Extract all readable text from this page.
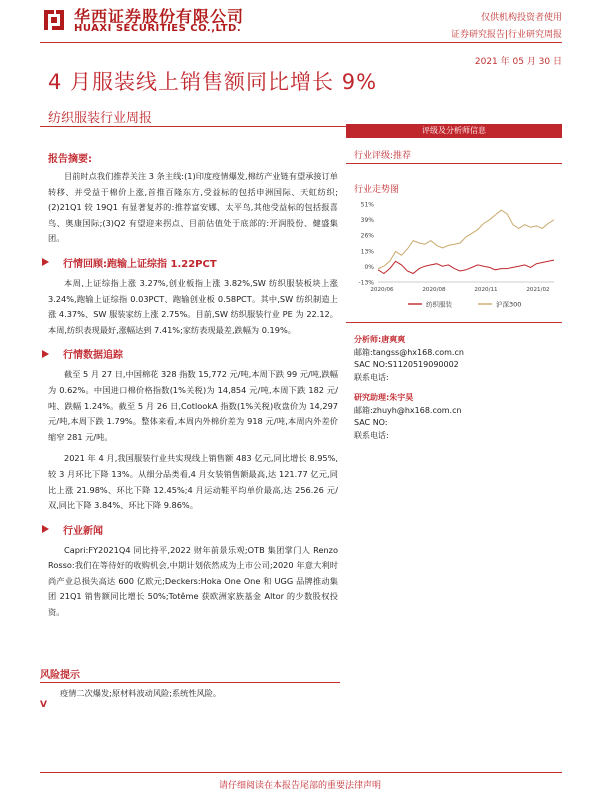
华西证券股份有限公司
HUAXI SECURITIES CO.,LTD.
仅供机构投资者使用
证券研究报告|行业研究周报
2021 年 05 月 30 日
4 月服装线上销售额同比增长 9%
纺织服装行业周报
报告摘要:

目前时点我们推荐关注 3 条主线:(1)印度疫情爆发,棉纺产业链有望承接订单转移、并受益于棉价上涨,首推百隆东方,受益标的包括申洲国际、天虹纺织;(2)21Q1 较 19Q1 有显著复苏的:推荐富安娜、太平鸟,其他受益标的包括报喜鸟、奥康国际;(3)Q2 有望迎来拐点、目前估值处于底部的:开润股份、健盛集团。

行情回顾:跑输上证综指 1.22PCT

本周,上证综指上涨 3.27%,创业板指上涨 3.82%,SW 纺织服装板块上涨 3.24%,跑输上证综指 0.03PCT、跑输创业板 0.58PCT。其中,SW 纺织制造上涨 4.37%、SW 服装家纺上涨 2.75%。目前,SW 纺织服装行业 PE 为 22.12。本周,纺织表现最好,涨幅达到 7.41%;家纺表现最差,跌幅为 0.19%。

行情数据追踪

截至 5 月 27 日,中国棉花 328 指数 15,772 元/吨,本周下跌 99 元/吨,跌幅为 0.62%。中国进口棉价格指数(1%关税)为 14,854 元/吨,本周下跌 182 元/吨、跌幅 1.24%。截至 5 月 26 日,CotlookA 指数(1%关税)收盘价为 14,297 元/吨,本周下跌 1.79%。整体来看,本周内外棉价差为 918 元/吨,本周内外差价缩窄 281 元/吨。

2021 年 4 月,我国服装行业共实现线上销售额 483 亿元,同比增长 8.95%,较 3 月环比下降 13%。从细分品类看,4 月女装销售额最高,达 121.77 亿元,同比上涨 21.98%、环比下降 12.45%;4 月运动鞋平均单价最高,达 256.26 元/双,同比下降 3.84%、环比下降 9.86%。

行业新闻

Capri:FY2021Q4 同比持平,2022 财年前景乐观;OTB 集团掌门人 Renzo Rosso:我们在等待好的收购机会,中期计划依然成为上市公司;2020 年意大利时尚产业总损失高达 600 亿欧元;Deckers:Hoka One One 和 UGG 品牌推动集团 21Q1 销售额同比增长 50%;Totême 获欧洲家族基金 Altor 的少数股权投资。

风险提示
疫情二次爆发;原材料波动风险;系统性风险。
V
评级及分析师信息
行业评级:推荐
行业走势图
51%
39%
26%
13%
0%
-13%
2020/06	2020/08	2020/11	2021/02
纺织服装	沪深300
分析师:唐爽爽
邮箱:tangss@hx168.com.cn
SAC NO:S1120519090002
联系电话:
研究助理:朱宇昊
邮箱:zhuyh@hx168.com.cn
SAC NO:
联系电话:
请仔细阅读在本报告尾部的重要法律声明
